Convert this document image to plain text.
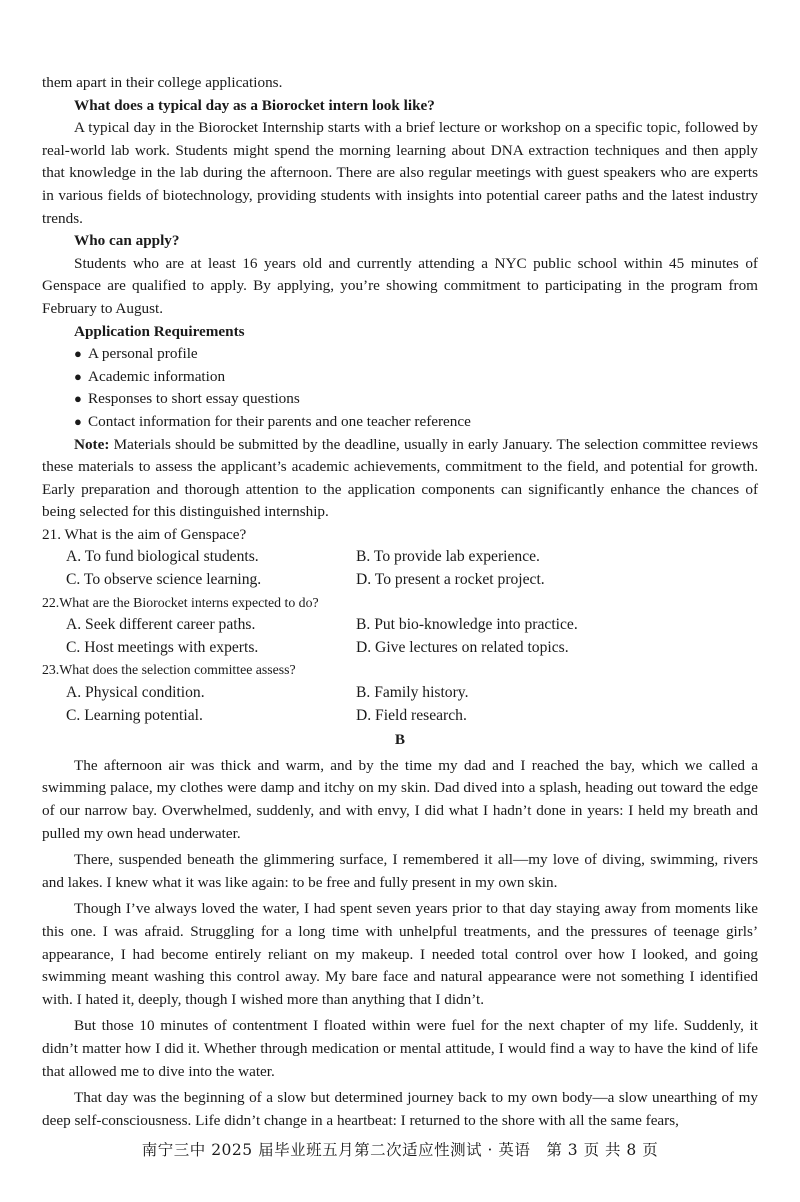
them apart in their college applications.

What does a typical day as a Biorocket intern look like?

A typical day in the Biorocket Internship starts with a brief lecture or workshop on a specific topic, followed by real-world lab work. Students might spend the morning learning about DNA extraction techniques and then apply that knowledge in the lab during the afternoon. There are also regular meetings with guest speakers who are experts in various fields of biotechnology, providing students with insights into potential career paths and the latest industry trends.

Who can apply?

Students who are at least 16 years old and currently attending a NYC public school within 45 minutes of Genspace are qualified to apply. By applying, you’re showing commitment to participating in the program from February to August.

Application Requirements

● A personal profile

● Academic information

● Responses to short essay questions

● Contact information for their parents and one teacher reference

Note: Materials should be submitted by the deadline, usually in early January. The selection committee reviews these materials to assess the applicant’s academic achievements, commitment to the field, and potential for growth. Early preparation and thorough attention to the application components can significantly enhance the chances of being selected for this distinguished internship.

21. What is the aim of Genspace?

A. To fund biological students.	B. To provide lab experience.

C. To observe science learning.	D. To present a rocket project.

22.What are the Biorocket interns expected to do?

A. Seek different career paths.	B. Put bio-knowledge into practice.

C. Host meetings with experts.	D. Give lectures on related topics.

23.What does the selection committee assess?

A. Physical condition.	B. Family history.

C. Learning potential.	D. Field research.

B

The afternoon air was thick and warm, and by the time my dad and I reached the bay, which we called a swimming palace, my clothes were damp and itchy on my skin. Dad dived into a splash, heading out toward the edge of our narrow bay. Overwhelmed, suddenly, and with envy, I did what I hadn’t done in years: I held my breath and pulled my own head underwater.

There, suspended beneath the glimmering surface, I remembered it all—my love of diving, swimming, rivers and lakes. I knew what it was like again: to be free and fully present in my own skin.

Though I’ve always loved the water, I had spent seven years prior to that day staying away from moments like this one. I was afraid. Struggling for a long time with unhelpful treatments, and the pressures of teenage girls’ appearance, I had become entirely reliant on my makeup. I needed total control over how I looked, and going swimming meant washing this control away. My bare face and natural appearance were not something I identified with. I hated it, deeply, though I wished more than anything that I didn’t.

But those 10 minutes of contentment I floated within were fuel for the next chapter of my life. Suddenly, it didn’t matter how I did it. Whether through medication or mental attitude, I would find a way to have the kind of life that allowed me to dive into the water.

That day was the beginning of a slow but determined journey back to my own body—a slow unearthing of my deep self-consciousness. Life didn’t change in a heartbeat: I returned to the shore with all the same fears,

南宁三中 2025 届毕业班五月第二次适应性测试 · 英语　第 3 页 共 8 页
